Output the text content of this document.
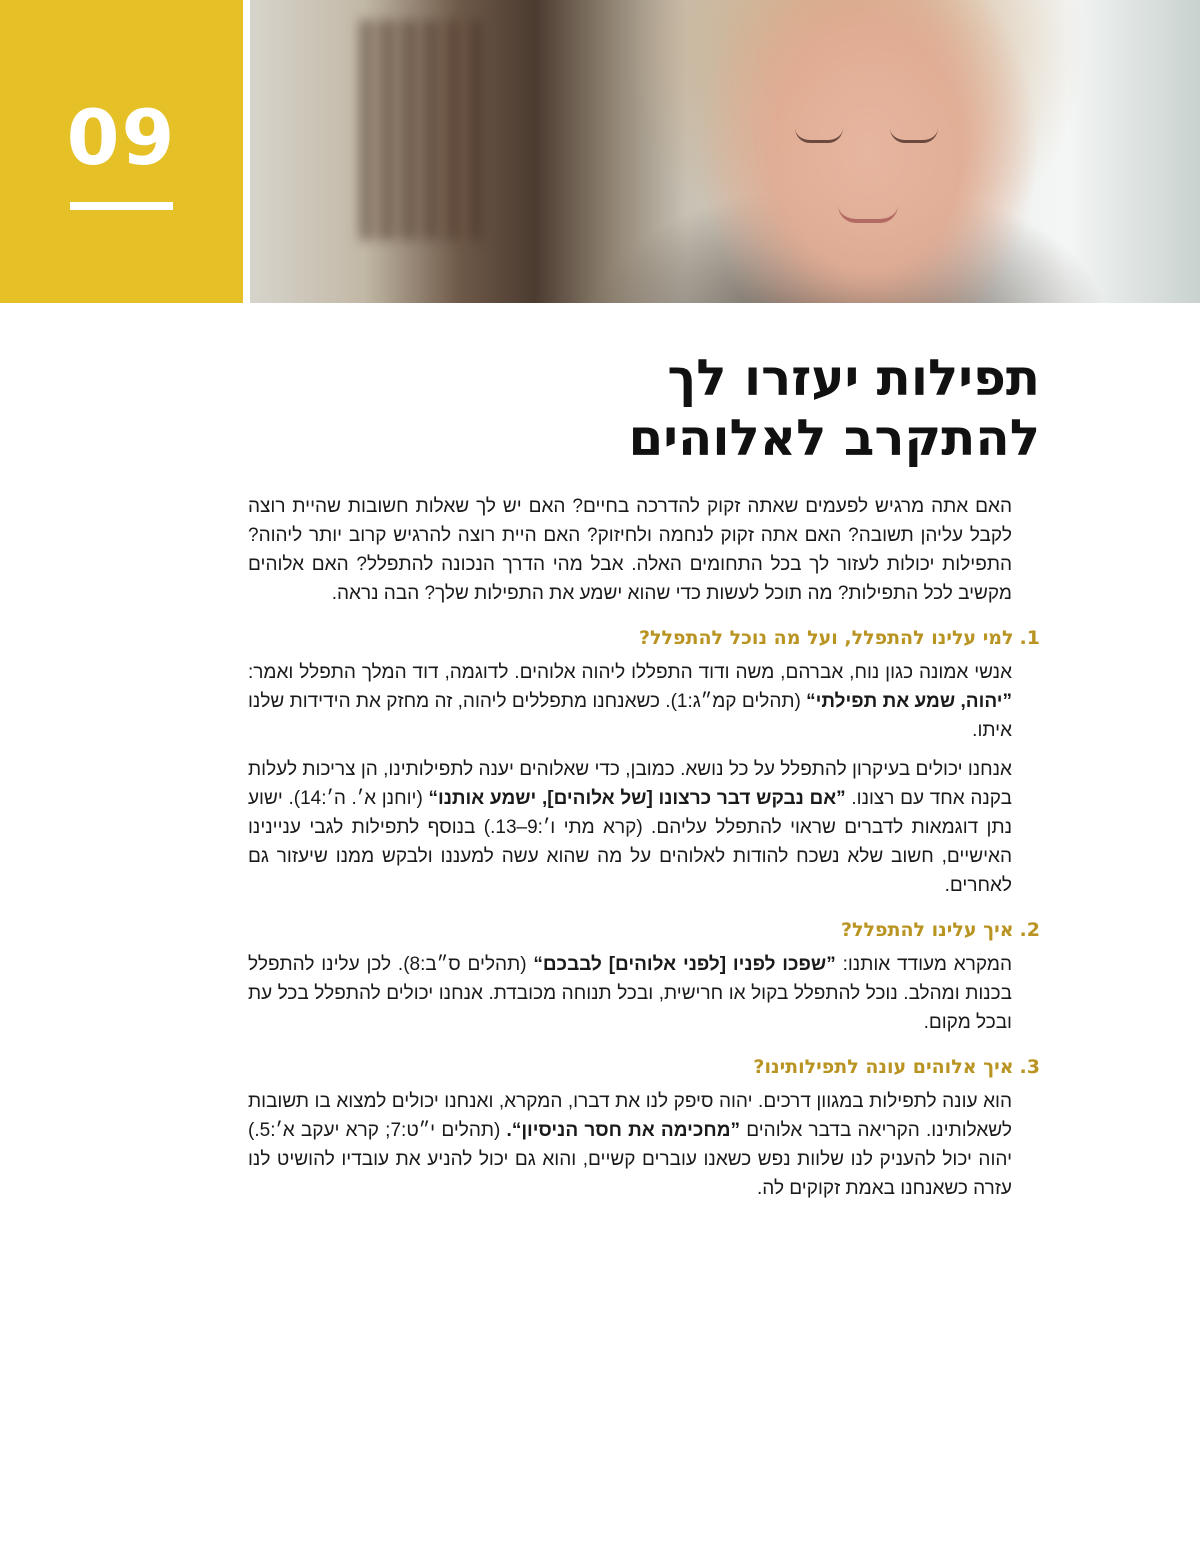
09
תפילות יעזרו לך
להתקרב לאלוהים

האם אתה מרגיש לפעמים שאתה זקוק להדרכה בחיים? האם יש לך שאלות חשובות שהיית רוצה לקבל עליהן תשובה? האם אתה זקוק לנחמה ולחיזוק? האם היית רוצה להרגיש קרוב יותר ליהוה? התפילות יכולות לעזור לך בכל התחומים האלה. אבל מהי הדרך הנכונה להתפלל? האם אלוהים מקשיב לכל התפילות? מה תוכל לעשות כדי שהוא ישמע את התפילות שלך? הבה נראה.

1.למי עלינו להתפלל, ועל מה נוכל להתפלל?

אנשי אמונה כגון נוח, אברהם, משה ודוד התפללו ליהוה אלוהים. לדוגמה, דוד המלך התפלל ואמר: ”יהוה, שמע את תפילתי“ (תהלים קמ״ג:1). כשאנחנו מתפללים ליהוה, זה מחזק את הידידות שלנו איתו.

אנחנו יכולים בעיקרון להתפלל על כל נושא. כמובן, כדי שאלוהים יענה לתפילותינו, הן צריכות לעלות בקנה אחד עם רצונו. ”אם נבקש דבר כרצונו [של אלוהים], ישמע אותנו“ (יוחנן א׳. ה׳:14). ישוע נתן דוגמאות לדברים שראוי להתפלל עליהם. (קרא מתי ו׳:9–13.) בנוסף לתפילות לגבי עניינינו האישיים, חשוב שלא נשכח להודות לאלוהים על מה שהוא עשה למעננו ולבקש ממנו שיעזור גם לאחרים.

2.איך עלינו להתפלל?

המקרא מעודד אותנו: ”שפכו לפניו [לפני אלוהים] לבבכם“ (תהלים ס״ב:8). לכן עלינו להתפלל בכנות ומהלב. נוכל להתפלל בקול או חרישית, ובכל תנוחה מכובדת. אנחנו יכולים להתפלל בכל עת ובכל מקום.

3.איך אלוהים עונה לתפילותינו?

הוא עונה לתפילות במגוון דרכים. יהוה סיפק לנו את דברו, המקרא, ואנחנו יכולים למצוא בו תשובות לשאלותינו. הקריאה בדבר אלוהים ”מחכימה את חסר הניסיון“. (תהלים י״ט:7; קרא יעקב א׳:5.) יהוה יכול להעניק לנו שלוות נפש כשאנו עוברים קשיים, והוא גם יכול להניע את עובדיו להושיט לנו עזרה כשאנחנו באמת זקוקים לה.
